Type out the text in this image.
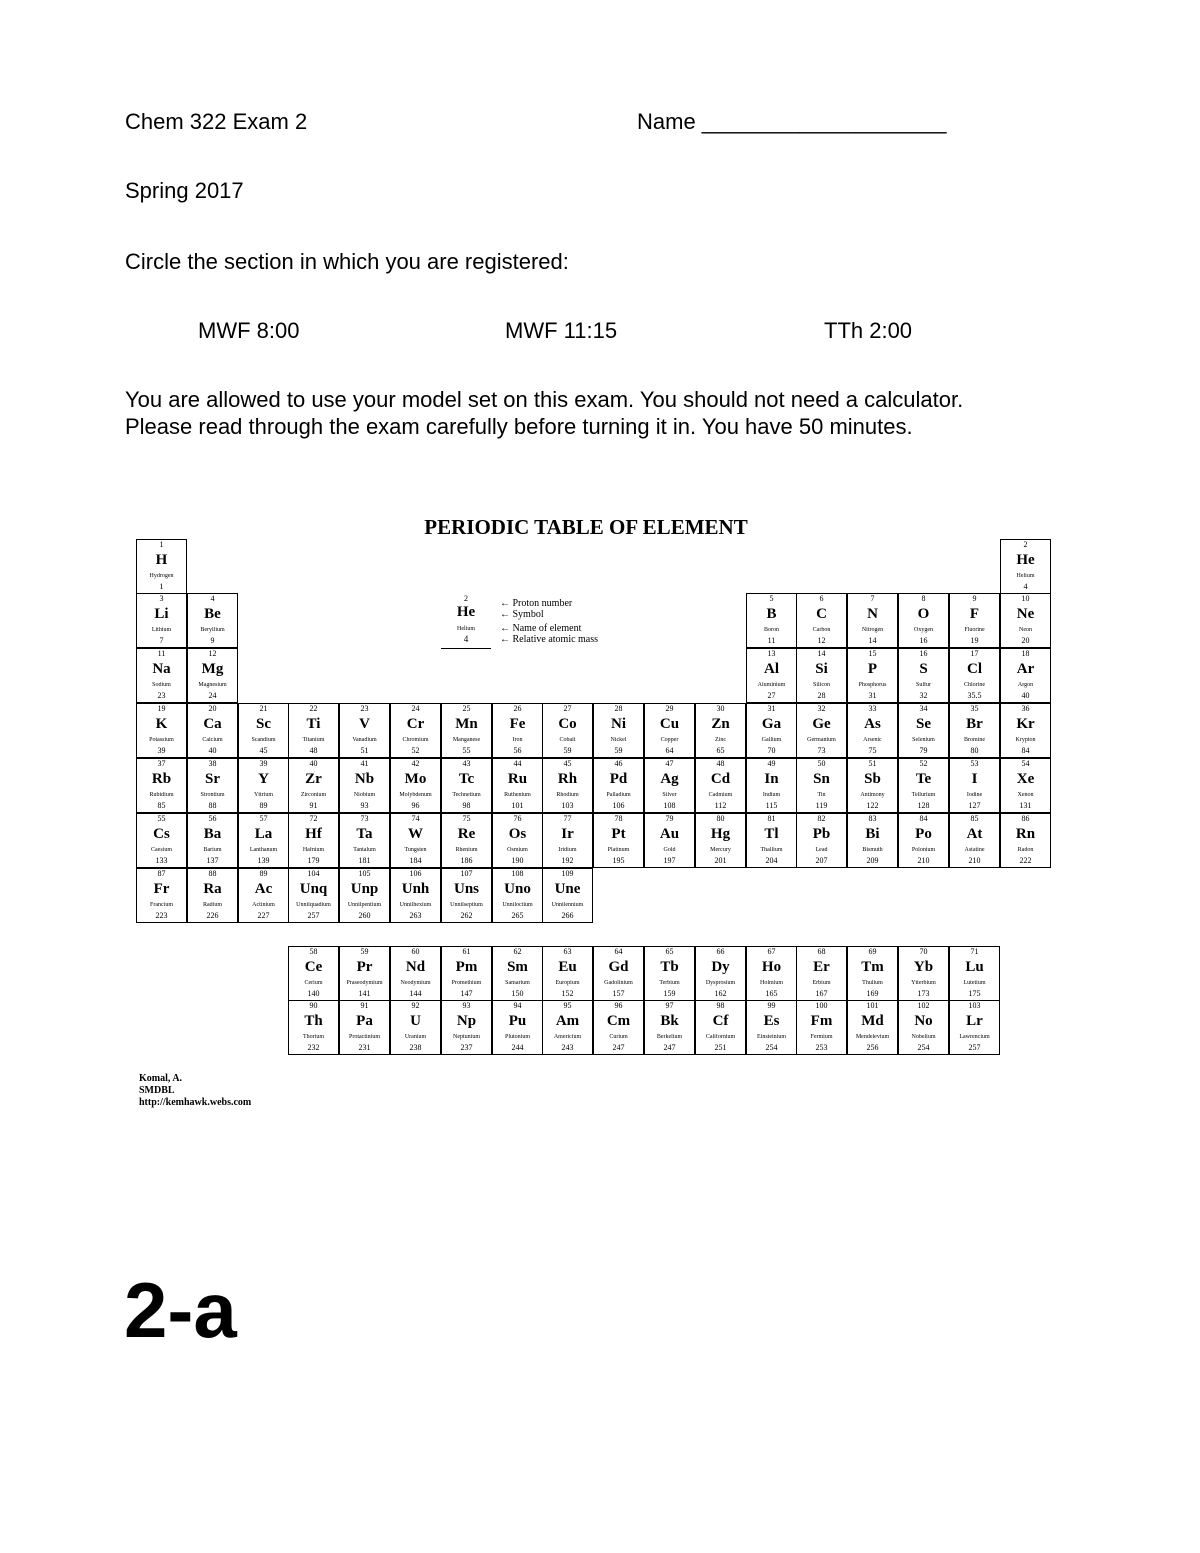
Chem 322 Exam 2	Name ____________________
Spring 2017
Circle the section in which you are registered:
MWF 8:00	MWF 11:15	TTh 2:00
You are allowed to use your model set on this exam. You should not need a calculator.
Please read through the exam carefully before turning it in. You have 50 minutes.
PERIODIC TABLE OF ELEMENT
1
H
Hydrogen
1
2
He
Helium
4
3
Li
Lithium
7
4
Be
Beryllium
9
5
B
Boron
11
6
C
Carbon
12
7
N
Nitrogen
14
8
O
Oxygen
16
9
F
Fluorine
19
10
Ne
Neon
20
11
Na
Sodium
23
12
Mg
Magnesium
24
13
Al
Aluminium
27
14
Si
Silicon
28
15
P
Phosphorus
31
16
S
Sulfur
32
17
Cl
Chlorine
35.5
18
Ar
Argon
40
19
K
Potassium
39
20
Ca
Calcium
40
21
Sc
Scandium
45
22
Ti
Titanium
48
23
V
Vanadium
51
24
Cr
Chromium
52
25
Mn
Manganese
55
26
Fe
Iron
56
27
Co
Cobalt
59
28
Ni
Nickel
59
29
Cu
Copper
64
30
Zn
Zinc
65
31
Ga
Gallium
70
32
Ge
Germanium
73
33
As
Arsenic
75
34
Se
Selenium
79
35
Br
Bromine
80
36
Kr
Krypton
84
37
Rb
Rubidium
85
38
Sr
Strontium
88
39
Y
Yttrium
89
40
Zr
Zirconium
91
41
Nb
Niobium
93
42
Mo
Molybdenum
96
43
Tc
Technetium
98
44
Ru
Ruthenium
101
45
Rh
Rhodium
103
46
Pd
Palladium
106
47
Ag
Silver
108
48
Cd
Cadmium
112
49
In
Indium
115
50
Sn
Tin
119
51
Sb
Antimony
122
52
Te
Tellurium
128
53
I
Iodine
127
54
Xe
Xenon
131
55
Cs
Caesium
133
56
Ba
Barium
137
57
La
Lanthanum
139
72
Hf
Hafnium
179
73
Ta
Tantalum
181
74
W
Tungsten
184
75
Re
Rhenium
186
76
Os
Osmium
190
77
Ir
Iridium
192
78
Pt
Platinum
195
79
Au
Gold
197
80
Hg
Mercury
201
81
Tl
Thallium
204
82
Pb
Lead
207
83
Bi
Bismuth
209
84
Po
Polonium
210
85
At
Astatine
210
86
Rn
Radon
222
87
Fr
Francium
223
88
Ra
Radium
226
89
Ac
Actinium
227
104
Unq
Unnilquadium
257
105
Unp
Unnilpentium
260
106
Unh
Unnilhexium
263
107
Uns
Unnilseptium
262
108
Uno
Unniloctium
265
109
Une
Unnilennium
266
58
Ce
Cerium
140
59
Pr
Praseodymium
141
60
Nd
Neodymium
144
61
Pm
Promethium
147
62
Sm
Samarium
150
63
Eu
Europium
152
64
Gd
Gadolinium
157
65
Tb
Terbium
159
66
Dy
Dysprosium
162
67
Ho
Holmium
165
68
Er
Erbium
167
69
Tm
Thulium
169
70
Yb
Ytterbium
173
71
Lu
Lutetium
175
90
Th
Thorium
232
91
Pa
Protactinium
231
92
U
Uranium
238
93
Np
Neptunium
237
94
Pu
Plutonium
244
95
Am
Americium
243
96
Cm
Curium
247
97
Bk
Berkelium
247
98
Cf
Californium
251
99
Es
Einsteinium
254
100
Fm
Fermium
253
101
Md
Mendelevium
256
102
No
Nobelium
254
103
Lr
Lawrencium
257
2
He
Helium
4
← Proton number
← Symbol
← Name of element
← Relative atomic mass
Komal, A.
SMDBL
http://kemhawk.webs.com
2-a
